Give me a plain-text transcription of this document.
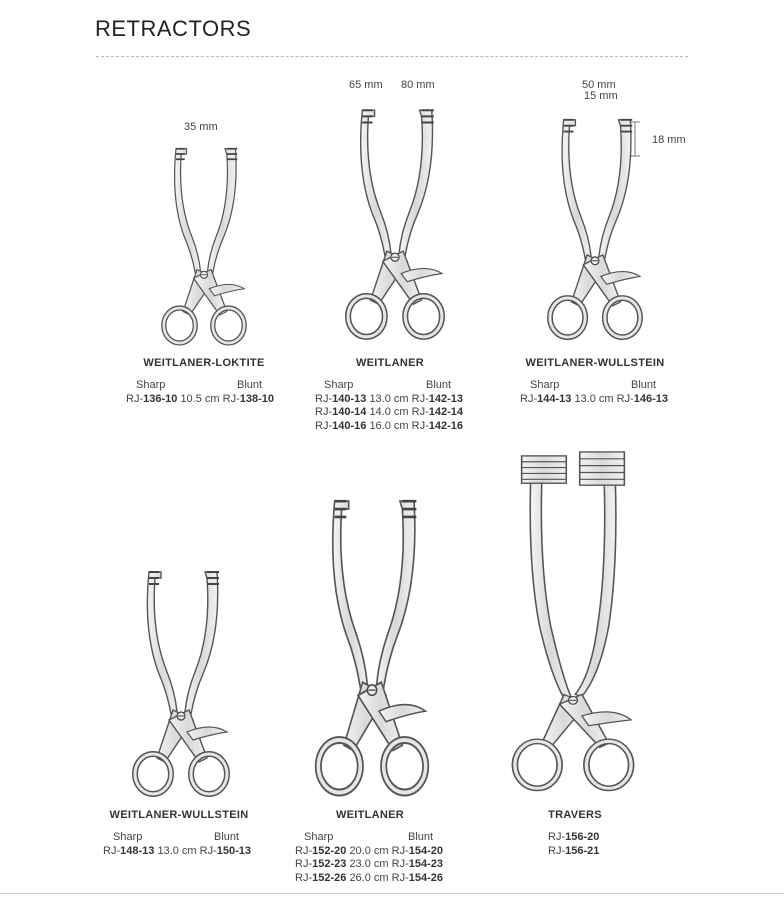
RETRACTORS
35 mm
WEITLANER-LOKTITE
Sharp	Blunt
RJ-136-10 10.5 cm RJ-138-10
65 mm 80 mm
WEITLANER
Sharp	Blunt
RJ-140-13 13.0 cm RJ-142-13
RJ-140-14 14.0 cm RJ-142-14
RJ-140-16 16.0 cm RJ-142-16
50 mm
15 mm
18 mm
WEITLANER-WULLSTEIN
Sharp	Blunt
RJ-144-13 13.0 cm RJ-146-13
WEITLANER-WULLSTEIN
Sharp	Blunt
RJ-148-13 13.0 cm RJ-150-13
WEITLANER
Sharp	Blunt
RJ-152-20 20.0 cm RJ-154-20
RJ-152-23 23.0 cm RJ-154-23
RJ-152-26 26.0 cm RJ-154-26
TRAVERS
RJ-156-20
RJ-156-21
